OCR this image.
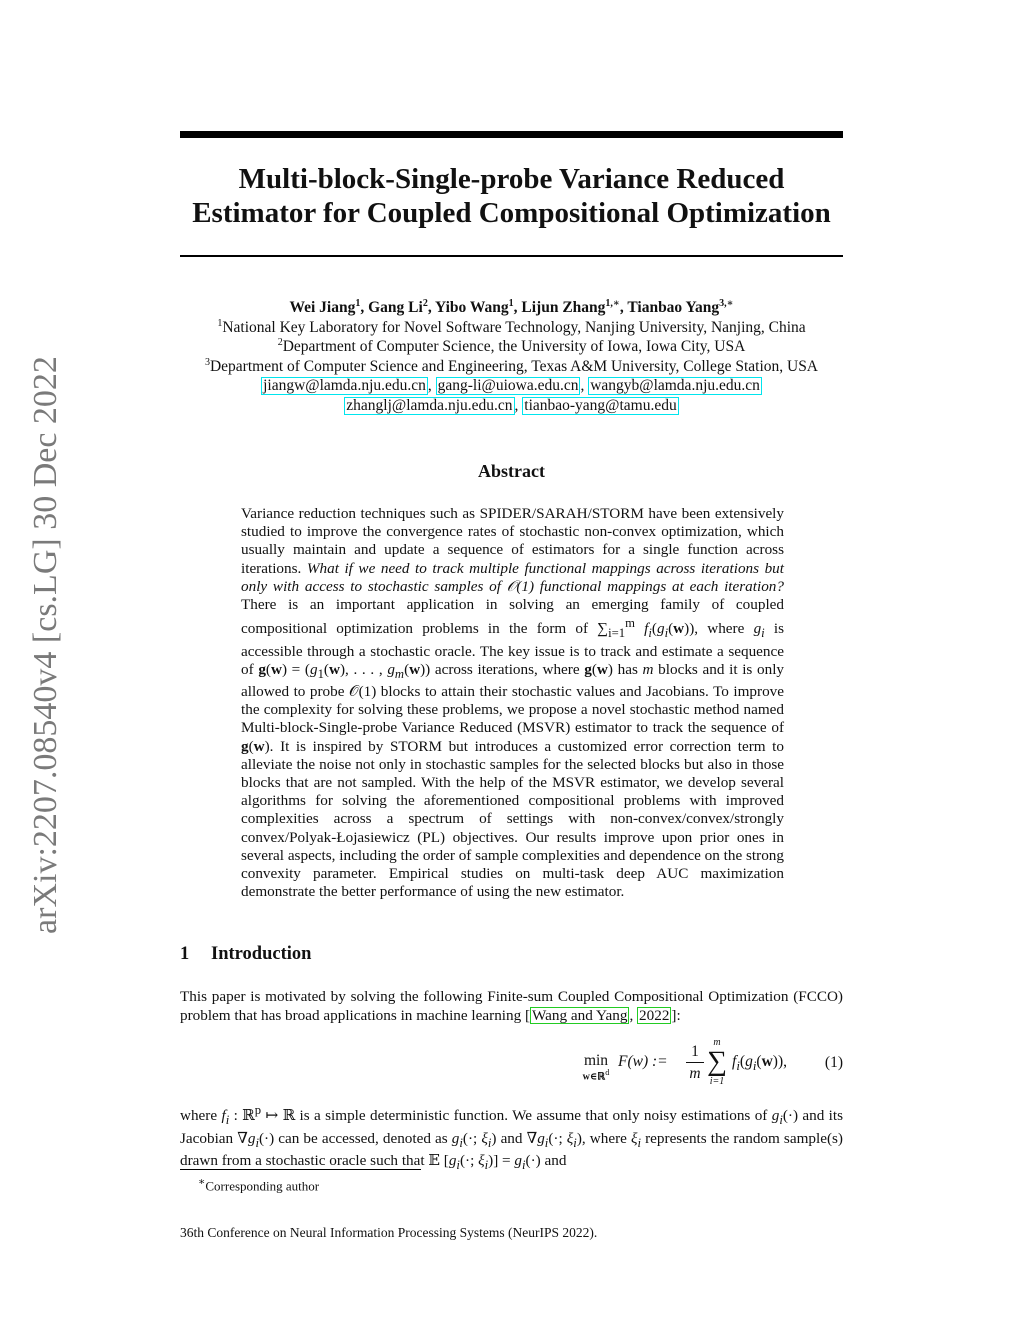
arXiv:2207.08540v4 [cs.LG] 30 Dec 2022
Multi-block-Single-probe Variance Reduced
Estimator for Coupled Compositional Optimization
Wei Jiang$^1$, Gang Li$^2$, Yibo Wang$^1$, Lijun Zhang$^{1,∗}$, Tianbao Yang$^{3,∗}$
$^1$National Key Laboratory for Novel Software Technology, Nanjing University, Nanjing, China
$^2$Department of Computer Science, the University of Iowa, Iowa City, USA
$^3$Department of Computer Science and Engineering, Texas A&M University, College Station, USA
jiangw@lamda.nju.edu.cn , gang-li@uiowa.edu.cn , wangyb@lamda.nju.edu.cn
zhanglj@lamda.nju.edu.cn , tianbao-yang@tamu.edu
Abstract

Variance reduction techniques such as SPIDER/SARAH/STORM have been extensively studied to improve the convergence rates of stochastic non-convex optimization, which usually maintain and update a sequence of estimators for a single function across iterations. What if we need to track multiple functional mappings across iterations but only with access to stochastic samples of 𝒪(1) functional mappings at each iteration? There is an important application in solving an emerging family of coupled compositional optimization problems in the form of $\sum_{i=1}^m$ $f_i(g_i(w))$, where $g_i$ is accessible through a stochastic oracle. The key issue is to track and estimate a sequence of $g(w) = (g_1(w)$, . . . , $g_m(w)$) across iterations, where g(w) has m blocks and it is only allowed to probe 𝒪(1) blocks to attain their stochastic values and Jacobians. To improve the complexity for solving these problems, we propose a novel stochastic method named Multi-block-Single-probe Variance Reduced (MSVR) estimator to track the sequence of g(w). It is inspired by STORM but introduces a customized error correction term to alleviate the noise not only in stochastic samples for the selected blocks but also in those blocks that are not sampled. With the help of the MSVR estimator, we develop several algorithms for solving the aforementioned compositional problems with improved complexities across a spectrum of settings with non-convex/convex/strongly convex/Polyak-Łojasiewicz (PL) objectives. Our results improve upon prior ones in several aspects, including the order of sample complexities and dependence on the strong convexity parameter. Empirical studies on multi-task deep AUC maximization demonstrate the better performance of using the new estimator.

1 Introduction

This paper is motivated by solving the following Finite-sum Coupled Compositional Optimization (FCCO) problem that has broad applications in machine learning [ Wang and Yang , 2022 ]:

min
w∈ℝ$^d$
F(w) := $\frac{1}{m}$ m
∑
i=1
$f_i(g_i(w))$, (1)

where $f_i$ : ℝ$^p$ ↦ ℝ is a simple deterministic function. We assume that only noisy estimations of $g_i(\cdot)$ and its Jacobian $\nabla g_i(\cdot)$ can be accessed, denoted as $g_i(\cdot$; $\xi_i$) and $\nabla g_i(\cdot$; $\xi_i$), where $\xi_i$ represents the random sample(s) drawn from a stochastic oracle such that 𝔼 [$g_i(\cdot$; $\xi_i)] = g_i(\cdot)$ and

∗Corresponding author
36th Conference on Neural Information Processing Systems (NeurIPS 2022).
